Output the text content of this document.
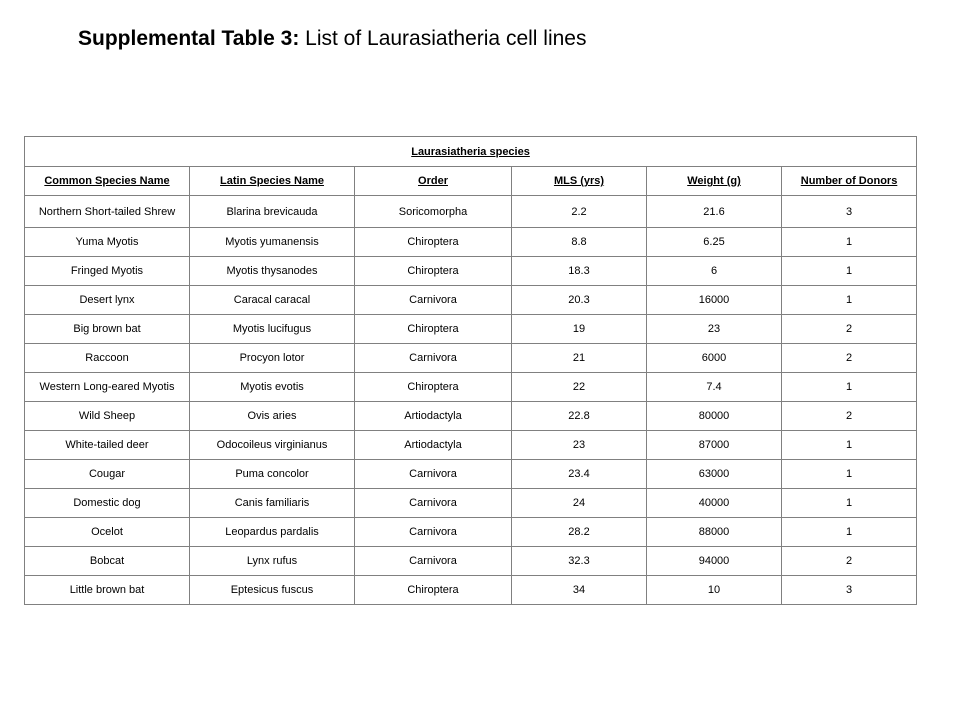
Supplemental Table 3: List of Laurasiatheria cell lines
Laurasiatheria species					
Common Species Name	Latin Species Name	Order	MLS (yrs)	Weight (g)	Number of Donors
Northern Short-tailed Shrew	Blarina brevicauda	Soricomorpha	2.2	21.6	3
Yuma Myotis	Myotis yumanensis	Chiroptera	8.8	6.25	1
Fringed Myotis	Myotis thysanodes	Chiroptera	18.3	6	1
Desert lynx	Caracal caracal	Carnivora	20.3	16000	1
Big brown bat	Myotis lucifugus	Chiroptera	19	23	2
Raccoon	Procyon lotor	Carnivora	21	6000	2
Western Long-eared Myotis	Myotis evotis	Chiroptera	22	7.4	1
Wild Sheep	Ovis aries	Artiodactyla	22.8	80000	2
White-tailed deer	Odocoileus virginianus	Artiodactyla	23	87000	1
Cougar	Puma concolor	Carnivora	23.4	63000	1
Domestic dog	Canis familiaris	Carnivora	24	40000	1
Ocelot	Leopardus pardalis	Carnivora	28.2	88000	1
Bobcat	Lynx rufus	Carnivora	32.3	94000	2
Little brown bat	Eptesicus fuscus	Chiroptera	34	10	3
